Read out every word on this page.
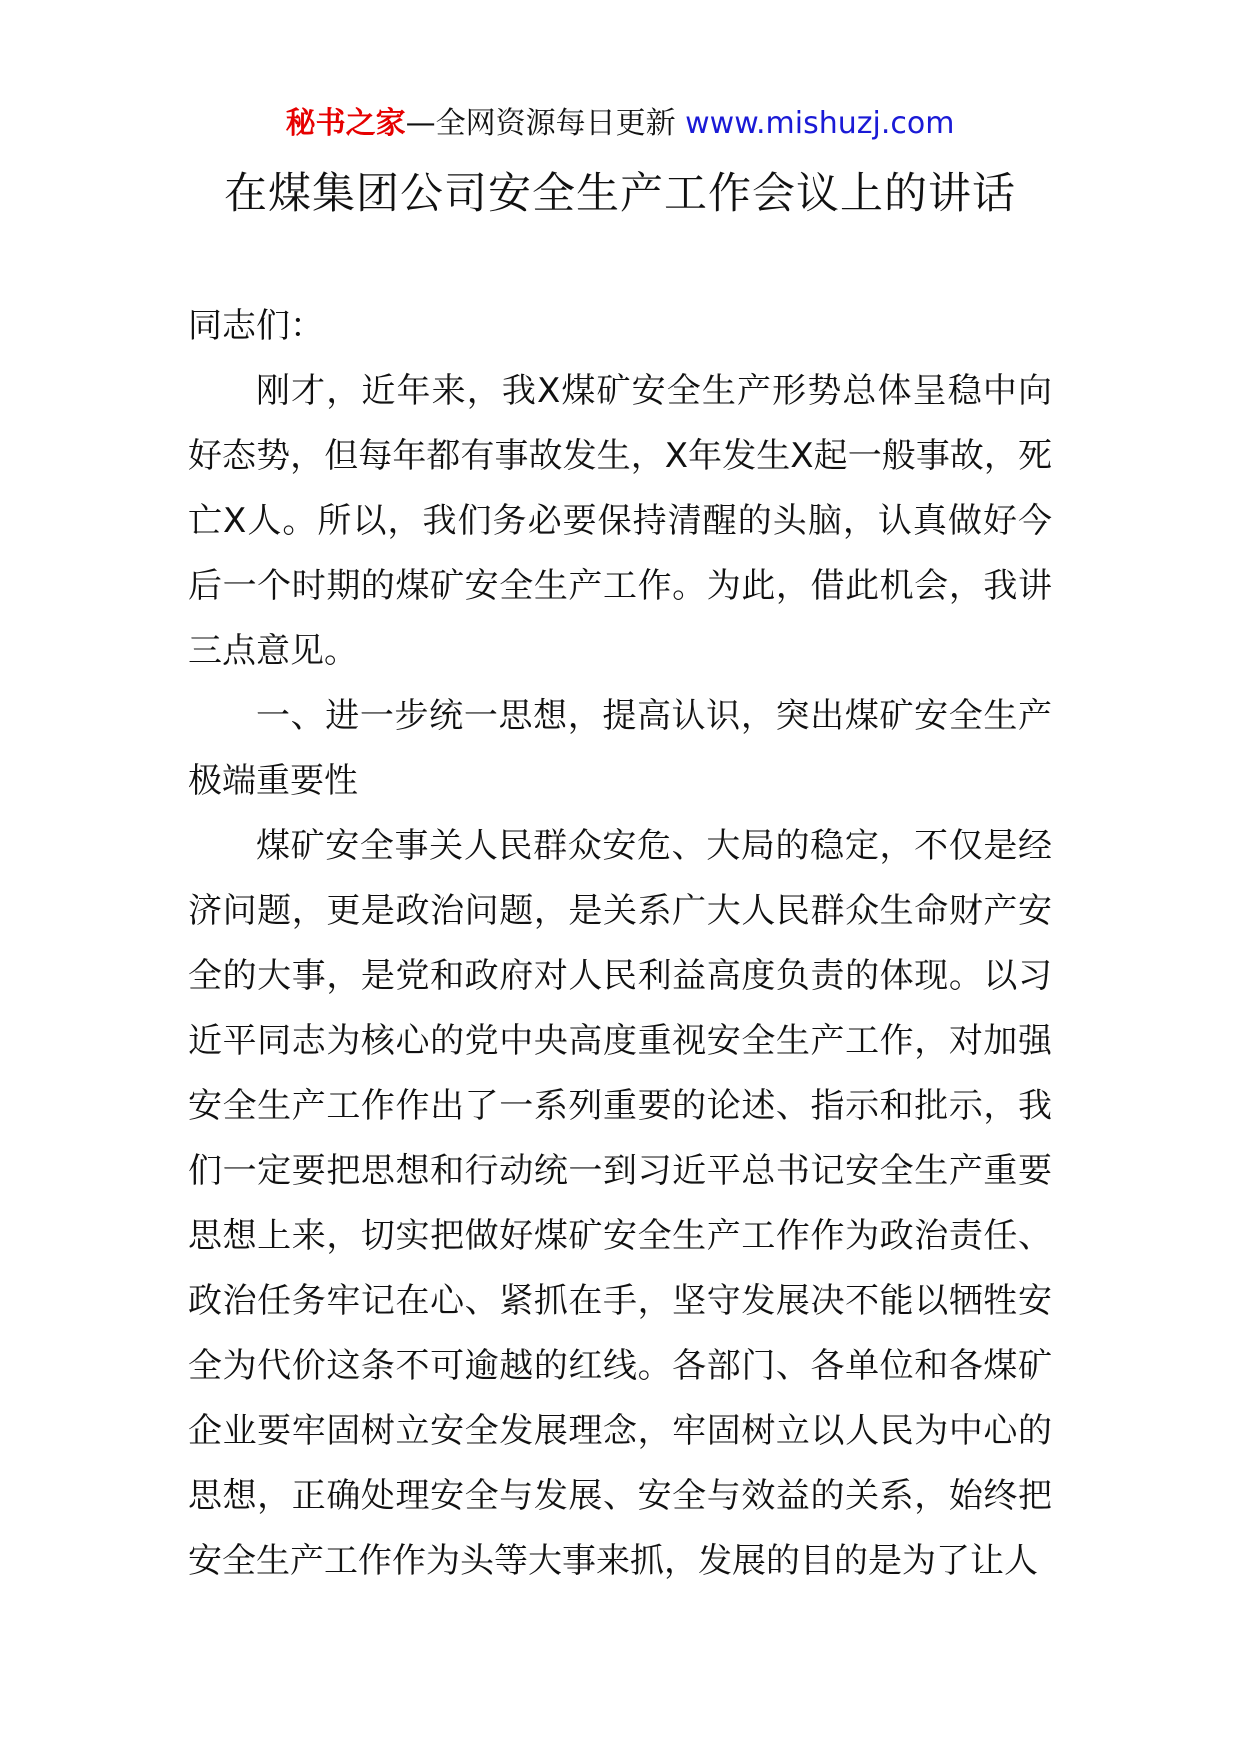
秘书之家—全网资源每日更新 www.mishuzj.com
在煤集团公司安全生产工作会议上的讲话

同志们：

刚才，近年来，我X煤矿安全生产形势总体呈稳中向好态势，但每年都有事故发生，X年发生X起一般事故，死亡X人。所以，我们务必要保持清醒的头脑，认真做好今后一个时期的煤矿安全生产工作。为此，借此机会，我讲三点意见。

一、进一步统一思想，提高认识，突出煤矿安全生产极端重要性

煤矿安全事关人民群众安危、大局的稳定，不仅是经济问题，更是政治问题，是关系广大人民群众生命财产安全的大事，是党和政府对人民利益高度负责的体现。以习近平同志为核心的党中央高度重视安全生产工作，对加强安全生产工作作出了一系列重要的论述、指示和批示，我们一定要把思想和行动统一到习近平总书记安全生产重要思想上来，切实把做好煤矿安全生产工作作为政治责任、政治任务牢记在心、紧抓在手，坚守发展决不能以牺牲安全为代价这条不可逾越的红线。各部门、各单位和各煤矿企业要牢固树立安全发展理念，牢固树立以人民为中心的思想，正确处理安全与发展、安全与效益的关系，始终把安全生产工作作为头等大事来抓，发展的目的是为了让人
